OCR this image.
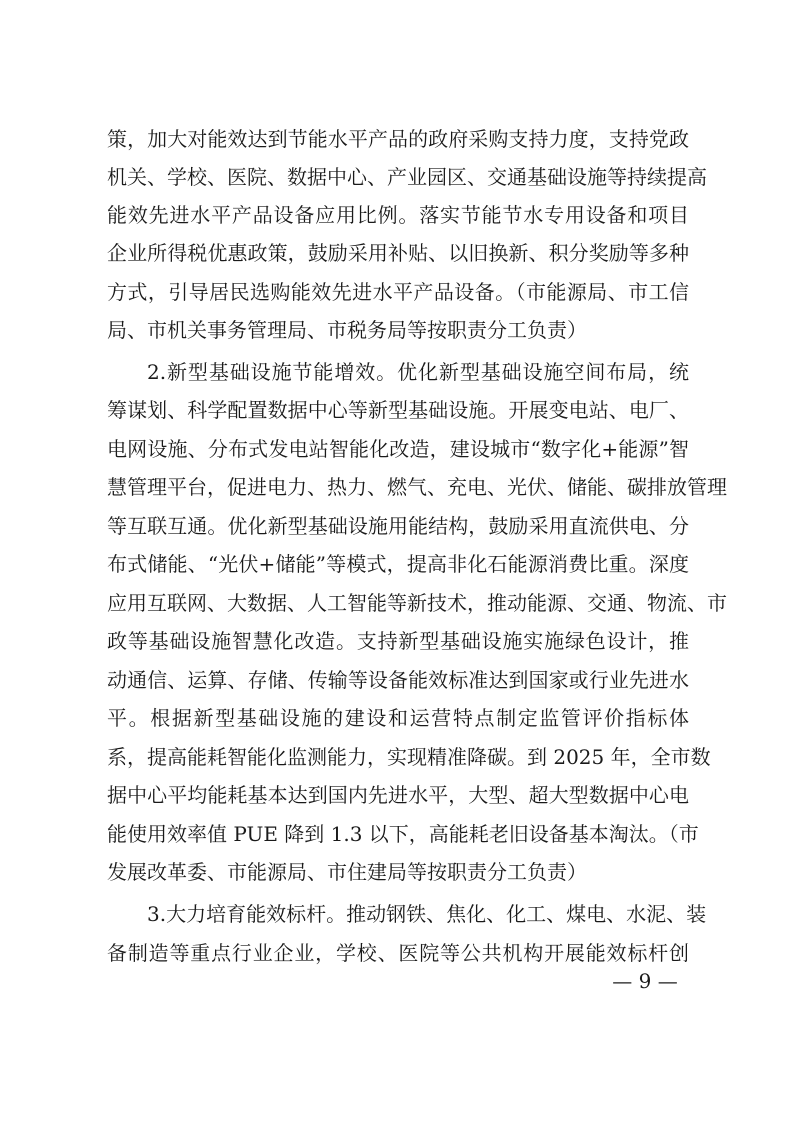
策，加大对能效达到节能水平产品的政府采购支持力度，支持党政
机关、学校、医院、数据中心、产业园区、交通基础设施等持续提高
能效先进水平产品设备应用比例。落实节能节水专用设备和项目
企业所得税优惠政策，鼓励采用补贴、以旧换新、积分奖励等多种
方式，引导居民选购能效先进水平产品设备。（市能源局、市工信
局、市机关事务管理局、市税务局等按职责分工负责）
2.新型基础设施节能增效。优化新型基础设施空间布局，统
筹谋划、科学配置数据中心等新型基础设施。开展变电站、电厂、
电网设施、分布式发电站智能化改造，建设城市“数字化+能源”智
慧管理平台，促进电力、热力、燃气、充电、光伏、储能、碳排放管理
等互联互通。优化新型基础设施用能结构，鼓励采用直流供电、分
布式储能、“光伏+储能”等模式，提高非化石能源消费比重。深度
应用互联网、大数据、人工智能等新技术，推动能源、交通、物流、市
政等基础设施智慧化改造。支持新型基础设施实施绿色设计，推
动通信、运算、存储、传输等设备能效标准达到国家或行业先进水
平。根据新型基础设施的建设和运营特点制定监管评价指标体
系，提高能耗智能化监测能力，实现精准降碳。到 2025 年，全市数
据中心平均能耗基本达到国内先进水平，大型、超大型数据中心电
能使用效率值 PUE 降到 1.3 以下，高能耗老旧设备基本淘汰。（市
发展改革委、市能源局、市住建局等按职责分工负责）
3.大力培育能效标杆。推动钢铁、焦化、化工、煤电、水泥、装
备制造等重点行业企业，学校、医院等公共机构开展能效标杆创
— 9 —
